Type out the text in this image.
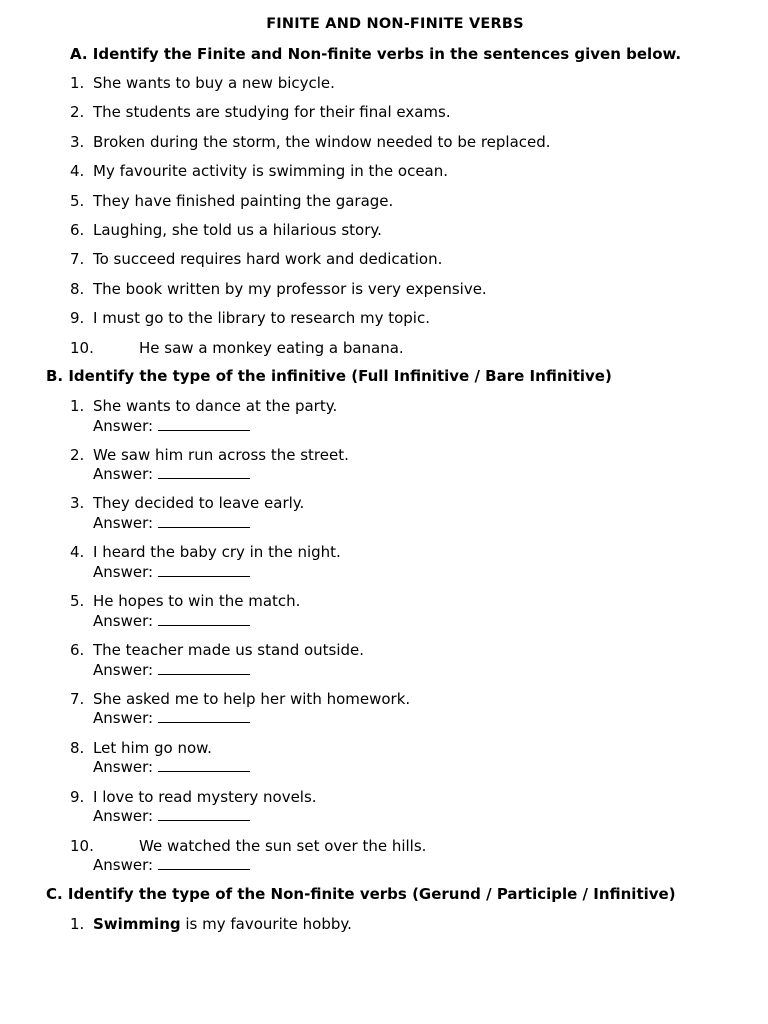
FINITE AND NON-FINITE VERBS
A. Identify the Finite and Non-finite verbs in the sentences given below.
1. She wants to buy a new bicycle.
2. The students are studying for their final exams.
3. Broken during the storm, the window needed to be replaced.
4. My favourite activity is swimming in the ocean.
5. They have finished painting the garage.
6. Laughing, she told us a hilarious story.
7. To succeed requires hard work and dedication.
8. The book written by my professor is very expensive.
9. I must go to the library to research my topic.
10.	He saw a monkey eating a banana.
B. Identify the type of the infinitive (Full Infinitive / Bare Infinitive)
1. She wants to dance at the party.
Answer:
2. We saw him run across the street.
Answer:
3. They decided to leave early.
Answer:
4. I heard the baby cry in the night.
Answer:
5. He hopes to win the match.
Answer:
6. The teacher made us stand outside.
Answer:
7. She asked me to help her with homework.
Answer:
8. Let him go now.
Answer:
9. I love to read mystery novels.
Answer:
10.	We watched the sun set over the hills.
Answer:
C. Identify the type of the Non-finite verbs (Gerund / Participle / Infinitive)
1. Swimming is my favourite hobby.
